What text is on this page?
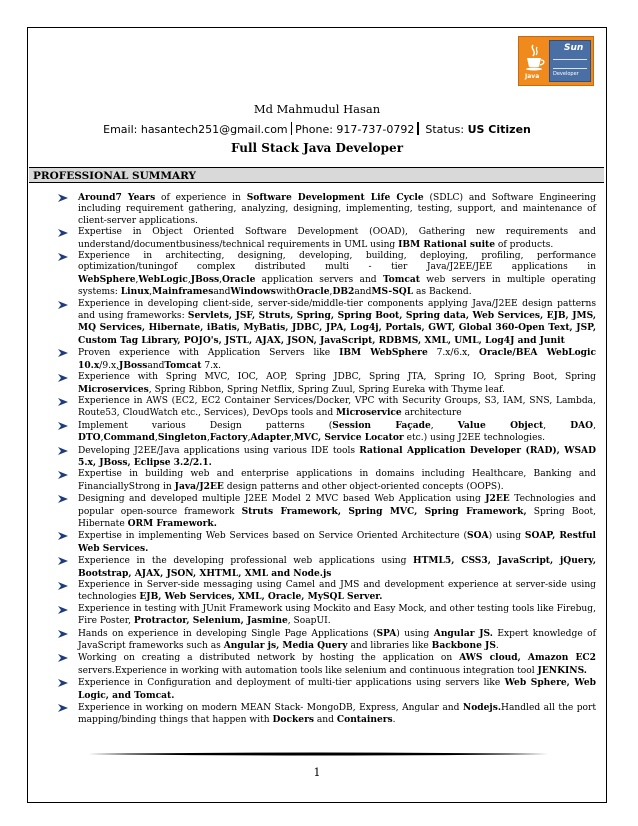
Java
Sun
Developer
Md Mahmudul Hasan
Email: hasantech251@gmail.com Phone: 917-737-0792 Status: US Citizen
Full Stack Java Developer
PROFESSIONAL SUMMARY
Around7 Years of experience in Software Development Life Cycle (SDLC) and Software Engineering including requirement gathering, analyzing, designing, implementing, testing, support, and maintenance of client-server applications.
Expertise in Object Oriented Software Development (OOAD), Gathering new requirements and understand/documentbusiness/technical requirements in UML using IBM Rational suite of products.
Experience in architecting, designing, developing, building, deploying, profiling, performance optimization/tuningof complex distributed multi - tier Java/J2EE/JEE applications in WebSphere,WebLogic,JBoss,Oracle application servers and Tomcat web servers in multiple operating systems: Linux,MainframesandWindowswithOracle,DB2andMS-SQL as Backend.
Experience in developing client-side, server-side/middle-tier components applying Java/J2EE design patterns and using frameworks: Servlets, JSF, Struts, Spring, Spring Boot, Spring data, Web Services, EJB, JMS, MQ Services, Hibernate, iBatis, MyBatis, JDBC, JPA, Log4j, Portals, GWT, Global 360-Open Text, JSP, Custom Tag Library, POJO's, JSTL, AJAX, JSON, JavaScript, RDBMS, XML, UML, Log4J and Junit
Proven experience with Application Servers like IBM WebSphere 7.x/6.x, Oracle/BEA WebLogic 10.x/9.x,JBossandTomcat 7.x.
Experience with Spring MVC, IOC, AOP, Spring JDBC, Spring JTA, Spring IO, Spring Boot, Spring Microservices, Spring Ribbon, Spring Netflix, Spring Zuul, Spring Eureka with Thyme leaf.
Experience in AWS (EC2, EC2 Container Services/Docker, VPC with Security Groups, S3, IAM, SNS, Lambda, Route53, CloudWatch etc., Services), DevOps tools and Microservice architecture
Implement various Design patterns (Session Façade, Value Object, DAO, DTO,Command,Singleton,Factory,Adapter,MVC, Service Locator etc.) using J2EE technologies.
Developing J2EE/Java applications using various IDE tools Rational Application Developer (RAD), WSAD 5.x, JBoss, Eclipse 3.2/2.1.
Expertise in building web and enterprise applications in domains including Healthcare, Banking and FinanciallyStrong in Java/J2EE design patterns and other object-oriented concepts (OOPS).
Designing and developed multiple J2EE Model 2 MVC based Web Application using J2EE Technologies and popular open-source framework Struts Framework, Spring MVC, Spring Framework, Spring Boot, Hibernate ORM Framework.
Expertise in implementing Web Services based on Service Oriented Architecture (SOA) using SOAP, Restful Web Services.
Experience in the developing professional web applications using HTML5, CSS3, JavaScript, jQuery, Bootstrap, AJAX, JSON, XHTML, XML and Node.js
Experience in Server-side messaging using Camel and JMS and development experience at server-side using technologies EJB, Web Services, XML, Oracle, MySQL Server.
Experience in testing with JUnit Framework using Mockito and Easy Mock, and other testing tools like Firebug, Fire Poster, Protractor, Selenium, Jasmine, SoapUI.
Hands on experience in developing Single Page Applications (SPA) using Angular JS. Expert knowledge of JavaScript frameworks such as Angular js, Media Query and libraries like Backbone JS.
Working on creating a distributed network by hosting the application on AWS cloud, Amazon EC2 servers.Experience in working with automation tools like selenium and continuous integration tool JENKINS.
Experience in Configuration and deployment of multi-tier applications using servers like Web Sphere, Web Logic, and Tomcat.
Experience in working on modern MEAN Stack- MongoDB, Express, Angular and Nodejs.Handled all the port mapping/binding things that happen with Dockers and Containers.
1
